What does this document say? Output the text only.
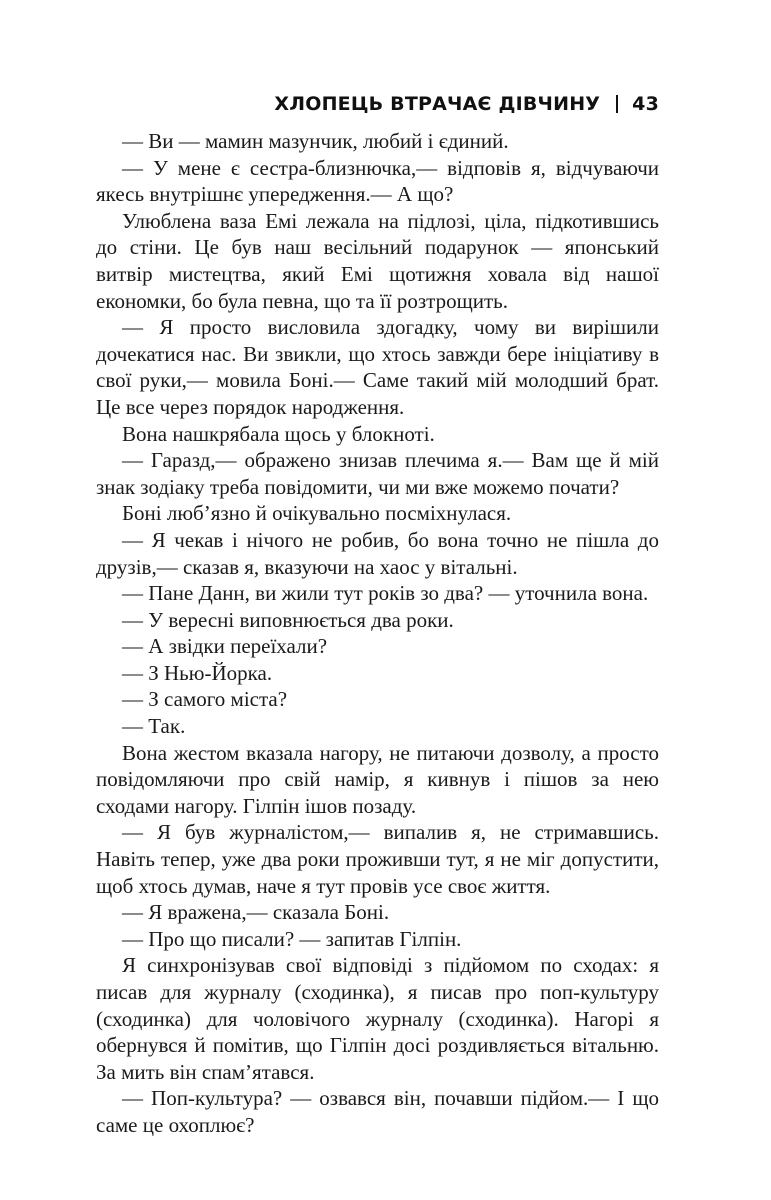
ХЛОПЕЦЬ ВТРАЧАЄ ДІВЧИНУ 43

— Ви — мамин мазунчик, любий і єдиний.

— У мене є сестра-близнючка,— відповів я, відчуваючи якесь внутрішнє упередження.— А що?

Улюблена ваза Емі лежала на підлозі, ціла, підкотившись до стіни. Це був наш весільний подарунок — японський витвір мистецтва, який Емі щотижня ховала від нашої економки, бо була певна, що та її розтрощить.

— Я просто висловила здогадку, чому ви вирішили дочекатися нас. Ви звикли, що хтось завжди бере ініціативу в свої руки,— мовила Боні.— Саме такий мій молодший брат. Це все через порядок народження.

Вона нашкрябала щось у блокноті.

— Гаразд,— ображено знизав плечима я.— Вам ще й мій знак зодіаку треба повідомити, чи ми вже можемо почати?

Боні люб’язно й очікувально посміхнулася.

— Я чекав і нічого не робив, бо вона точно не пішла до друзів,— сказав я, вказуючи на хаос у вітальні.

— Пане Данн, ви жили тут років зо два? — уточнила вона.

— У вересні виповнюється два роки.

— А звідки переїхали?

— З Нью-Йорка.

— З самого міста?

— Так.

Вона жестом вказала нагору, не питаючи дозволу, а просто повідомляючи про свій намір, я кивнув і пішов за нею сходами нагору. Гілпін ішов позаду.

— Я був журналістом,— випалив я, не стримавшись. Навіть тепер, уже два роки проживши тут, я не міг допустити, щоб хтось думав, наче я тут провів усе своє життя.

— Я вражена,— сказала Боні.

— Про що писали? — запитав Гілпін.

Я синхронізував свої відповіді з підйомом по сходах: я писав для журналу (сходинка), я писав про поп-культуру (сходинка) для чоловічого журналу (сходинка). Нагорі я обернувся й помітив, що Гілпін досі роздивляється вітальню. За мить він спам’ятався.

— Поп-культура? — озвався він, почавши підйом.— І що саме це охоплює?
